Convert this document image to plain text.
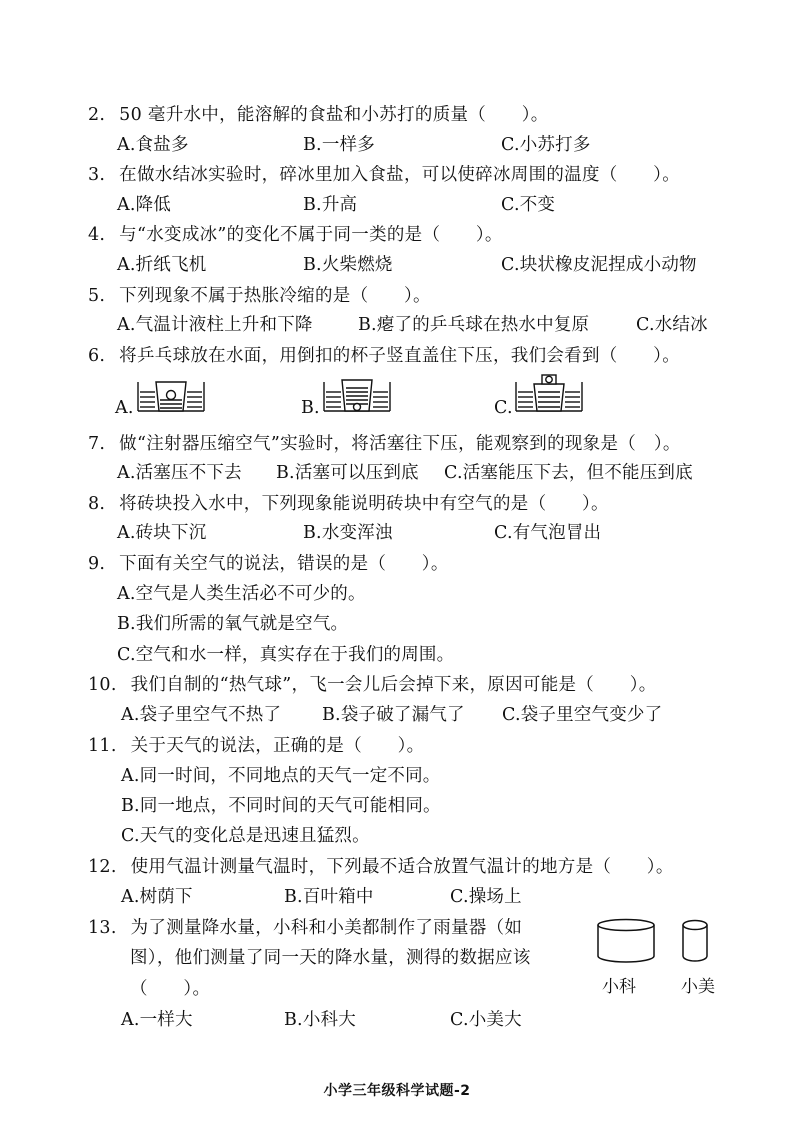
2. 50 毫升水中，能溶解的食盐和小苏打的质量（　　）。
A.食盐多	B.一样多	C.小苏打多
3. 在做水结冰实验时，碎冰里加入食盐，可以使碎冰周围的温度（　　）。
A.降低	B.升高	C.不变
4. 与“水变成冰”的变化不属于同一类的是（　　）。
A.折纸飞机	B.火柴燃烧	C.块状橡皮泥捏成小动物
5. 下列现象不属于热胀冷缩的是（　　）。
A.气温计液柱上升和下降	B.瘪了的乒乓球在热水中复原	C.水结冰
6. 将乒乓球放在水面，用倒扣的杯子竖直盖住下压，我们会看到（　　）。
A.	B.	C.
7. 做“注射器压缩空气”实验时，将活塞往下压，能观察到的现象是（　）。
A.活塞压不下去 B.活塞可以压到底 C.活塞能压下去，但不能压到底
8. 将砖块投入水中，下列现象能说明砖块中有空气的是（　　）。
A.砖块下沉	B.水变浑浊	C.有气泡冒出
9. 下面有关空气的说法，错误的是（　　）。
A.空气是人类生活必不可少的。
B.我们所需的氧气就是空气。
C.空气和水一样，真实存在于我们的周围。
10. 我们自制的“热气球”，飞一会儿后会掉下来，原因可能是（　　）。
A.袋子里空气不热了 B.袋子破了漏气了 C.袋子里空气变少了
11. 关于天气的说法，正确的是（　　）。
A.同一时间，不同地点的天气一定不同。
B.同一地点，不同时间的天气可能相同。
C.天气的变化总是迅速且猛烈。
12. 使用气温计测量气温时，下列最不适合放置气温计的地方是（　　）。
A.树荫下	B.百叶箱中	C.操场上
13. 为了测量降水量，小科和小美都制作了雨量器（如
图），他们测量了同一天的降水量，测得的数据应该
（　　）。
A.一样大	B.小科大	C.小美大
小科	小美
小学三年级科学试题-2
